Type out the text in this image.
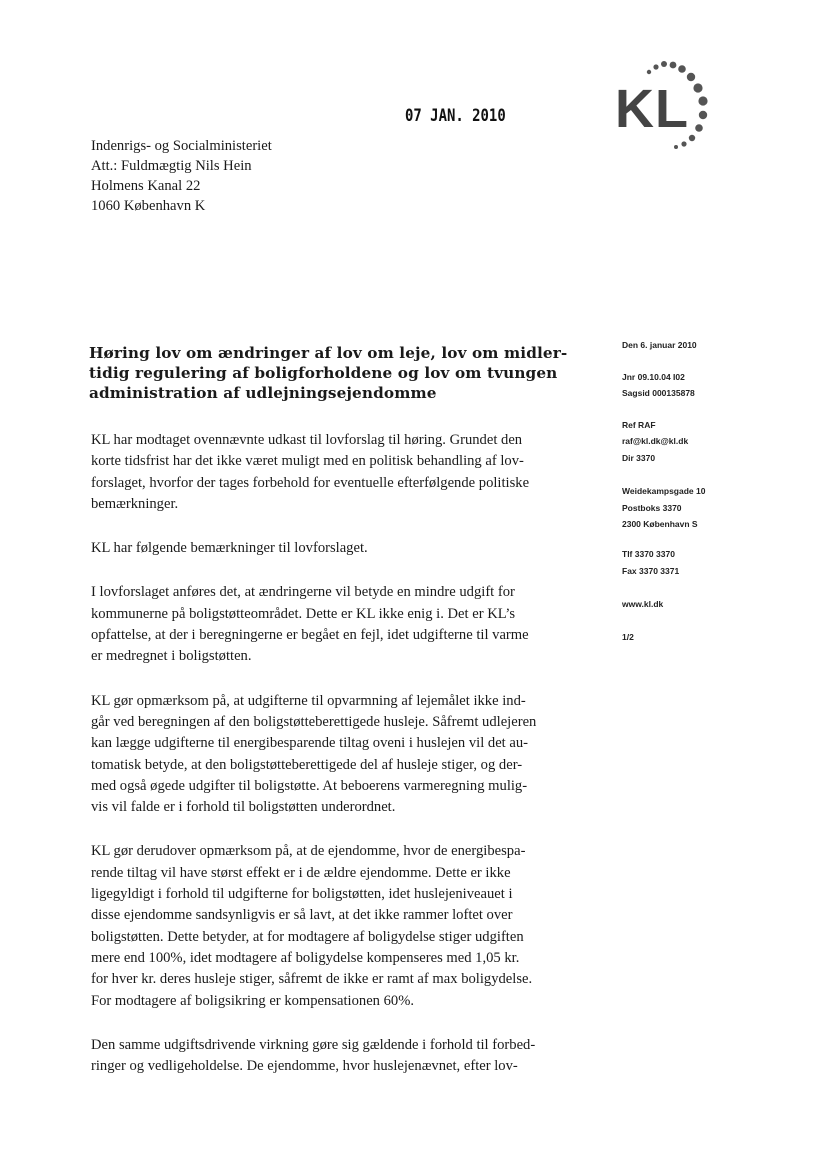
07 JAN. 2010 KL
Indenrigs- og Socialministeriet
Att.: Fuldmægtig Nils Hein
Holmens Kanal 22
1060 København K
Den 6. januar 2010
Jnr 09.10.04 I02
Sagsid 000135878
Ref RAF
raf@kl.dk@kl.dk
Dir 3370
Weidekampsgade 10
Postboks 3370
2300 København S
Tlf 3370 3370
Fax 3370 3371
www.kl.dk
1/2
Høring lov om ændringer af lov om leje, lov om midler-
tidig regulering af boligforholdene og lov om tvungen
administration af udlejningsejendomme
KL har modtaget ovennævnte udkast til lovforslag til høring. Grundet den
korte tidsfrist har det ikke været muligt med en politisk behandling af lov-
forslaget, hvorfor der tages forbehold for eventuelle efterfølgende politiske
bemærkninger.
KL har følgende bemærkninger til lovforslaget.
I lovforslaget anføres det, at ændringerne vil betyde en mindre udgift for
kommunerne på boligstøtteområdet. Dette er KL ikke enig i. Det er KL’s
opfattelse, at der i beregningerne er begået en fejl, idet udgifterne til varme
er medregnet i boligstøtten.
KL gør opmærksom på, at udgifterne til opvarmning af lejemålet ikke ind-
går ved beregningen af den boligstøtteberettigede husleje. Såfremt udlejeren
kan lægge udgifterne til energibesparende tiltag oveni i huslejen vil det au-
tomatisk betyde, at den boligstøtteberettigede del af husleje stiger, og der-
med også øgede udgifter til boligstøtte. At beboerens varmeregning mulig-
vis vil falde er i forhold til boligstøtten underordnet.
KL gør derudover opmærksom på, at de ejendomme, hvor de energibespa-
rende tiltag vil have størst effekt er i de ældre ejendomme. Dette er ikke
ligegyldigt i forhold til udgifterne for boligstøtten, idet huslejeniveauet i
disse ejendomme sandsynligvis er så lavt, at det ikke rammer loftet over
boligstøtten. Dette betyder, at for modtagere af boligydelse stiger udgiften
mere end 100%, idet modtagere af boligydelse kompenseres med 1,05 kr.
for hver kr. deres husleje stiger, såfremt de ikke er ramt af max boligydelse.
For modtagere af boligsikring er kompensationen 60%.
Den samme udgiftsdrivende virkning gøre sig gældende i forhold til forbed-
ringer og vedligeholdelse. De ejendomme, hvor huslejenævnet, efter lov-
